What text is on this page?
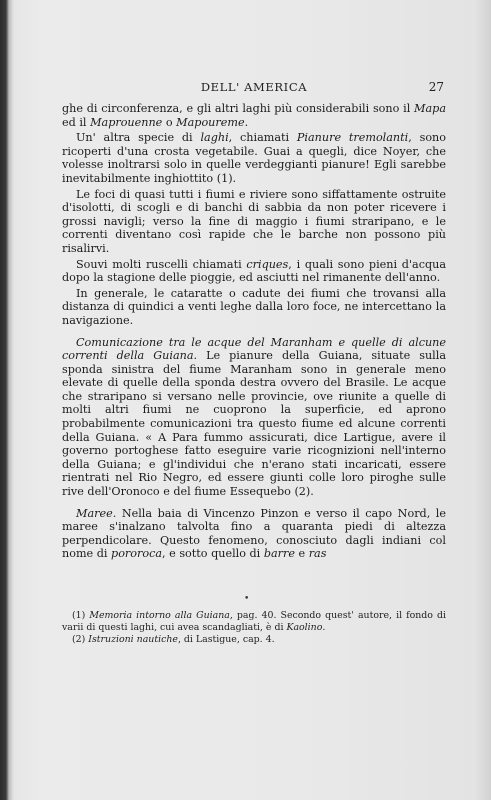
DELL' AMERICA	27

ghe di circonferenza, e gli altri laghi più considerabili sono il Mapa ed il Maprouenne o Mapoureme.

Un' altra specie di laghi, chiamati Pianure tremolanti, sono ricoperti d'una crosta vegetabile. Guai a quegli, dice Noyer, che volesse inoltrarsi solo in quelle verdeggianti pianure! Egli sarebbe inevitabilmente inghiottito (1).

Le foci di quasi tutti i fiumi e riviere sono siffattamente ostruite d'isolotti, di scogli e di banchi di sabbia da non poter ricevere i grossi navigli; verso la fine di maggio i fiumi straripano, e le correnti diventano così rapide che le barche non possono più risalirvi.

Souvi molti ruscelli chiamati criques, i quali sono pieni d'acqua dopo la stagione delle pioggie, ed asciutti nel rimanente dell'anno.

In generale, le cataratte o cadute dei fiumi che trovansi alla distanza di quindici a venti leghe dalla loro foce, ne intercettano la navigazione.

Comunicazione tra le acque del Maranham e quelle di alcune correnti della Guiana. Le pianure della Guiana, situate sulla sponda sinistra del fiume Maranham sono in generale meno elevate di quelle della sponda destra ovvero del Brasile. Le acque che straripano si versano nelle provincie, ove riunite a quelle di molti altri fiumi ne cuoprono la superficie, ed aprono probabilmente comunicazioni tra questo fiume ed alcune correnti della Guiana. « A Para fummo assicurati, dice Lartigue, avere il governo portoghese fatto eseguire varie ricognizioni nell'interno della Guiana; e gl'individui che n'erano stati incaricati, essere rientrati nel Rio Negro, ed essere giunti colle loro piroghe sulle rive dell'Oronoco e del fiume Essequebo (2).

Maree. Nella baia di Vincenzo Pinzon e verso il capo Nord, le maree s'inalzano talvolta fino a quaranta piedi di altezza perpendicolare. Questo fenomeno, conosciuto dagli indiani col nome di pororoca, e sotto quello di barre e ras

•

(1) Memoria intorno alla Guiana, pag. 40. Secondo quest' autore, il fondo di varii di questi laghi, cui avea scandagliati, è di Kaolino.

(2) Istruzioni nautiche, di Lastigue, cap. 4.
